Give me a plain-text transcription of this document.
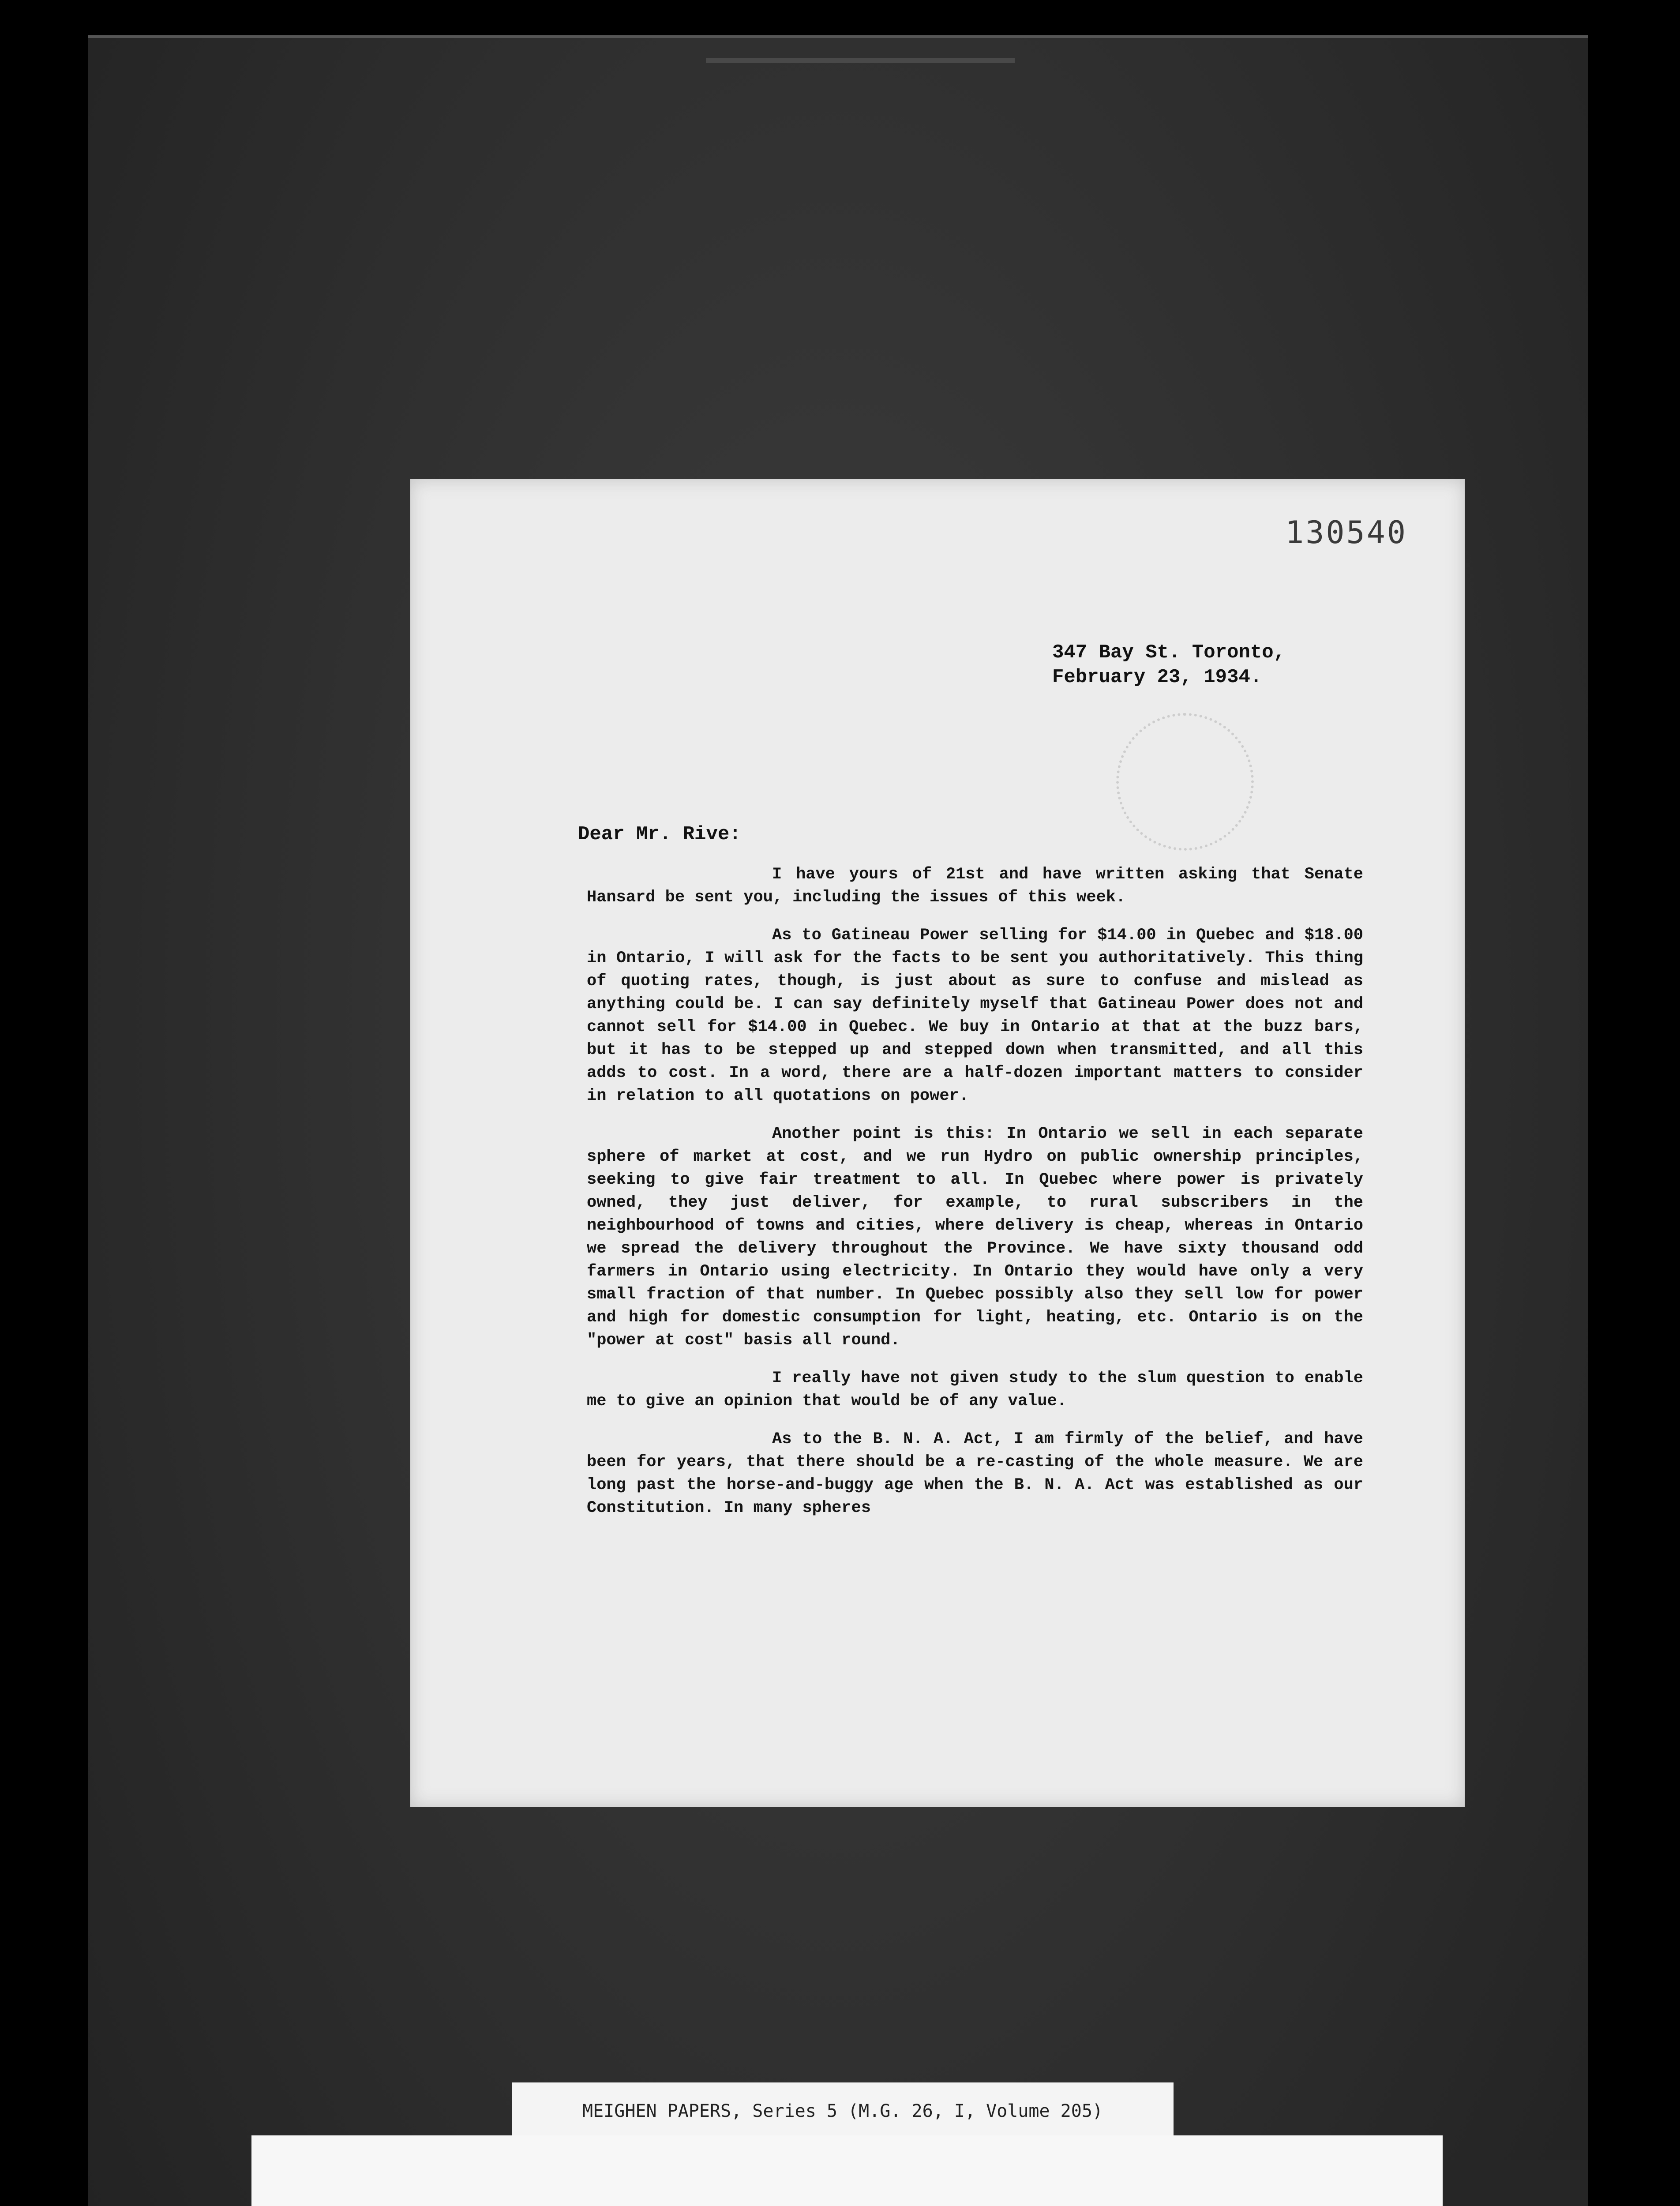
130540
347 Bay St. Toronto,
February 23, 1934.
Dear Mr. Rive:

I have yours of 21st and have written asking that Senate Hansard be sent you, including the issues of this week.

As to Gatineau Power selling for $14.00 in Quebec and $18.00 in Ontario, I will ask for the facts to be sent you authoritatively. This thing of quoting rates, though, is just about as sure to confuse and mislead as anything could be. I can say definitely myself that Gatineau Power does not and cannot sell for $14.00 in Quebec. We buy in Ontario at that at the buzz bars, but it has to be stepped up and stepped down when transmitted, and all this adds to cost. In a word, there are a half-dozen important matters to consider in relation to all quotations on power.

Another point is this: In Ontario we sell in each separate sphere of market at cost, and we run Hydro on public ownership principles, seeking to give fair treatment to all. In Quebec where power is privately owned, they just deliver, for example, to rural subscribers in the neighbourhood of towns and cities, where delivery is cheap, whereas in Ontario we spread the delivery throughout the Province. We have sixty thousand odd farmers in Ontario using electricity. In Ontario they would have only a very small fraction of that number. In Quebec possibly also they sell low for power and high for domestic consumption for light, heating, etc. Ontario is on the "power at cost" basis all round.

I really have not given study to the slum question to enable me to give an opinion that would be of any value.

As to the B. N. A. Act, I am firmly of the belief, and have been for years, that there should be a re-casting of the whole measure. We are long past the horse-and-buggy age when the B. N. A. Act was established as our Constitution. In many spheres

MEIGHEN PAPERS, Series 5 (M.G. 26, I, Volume 205)
